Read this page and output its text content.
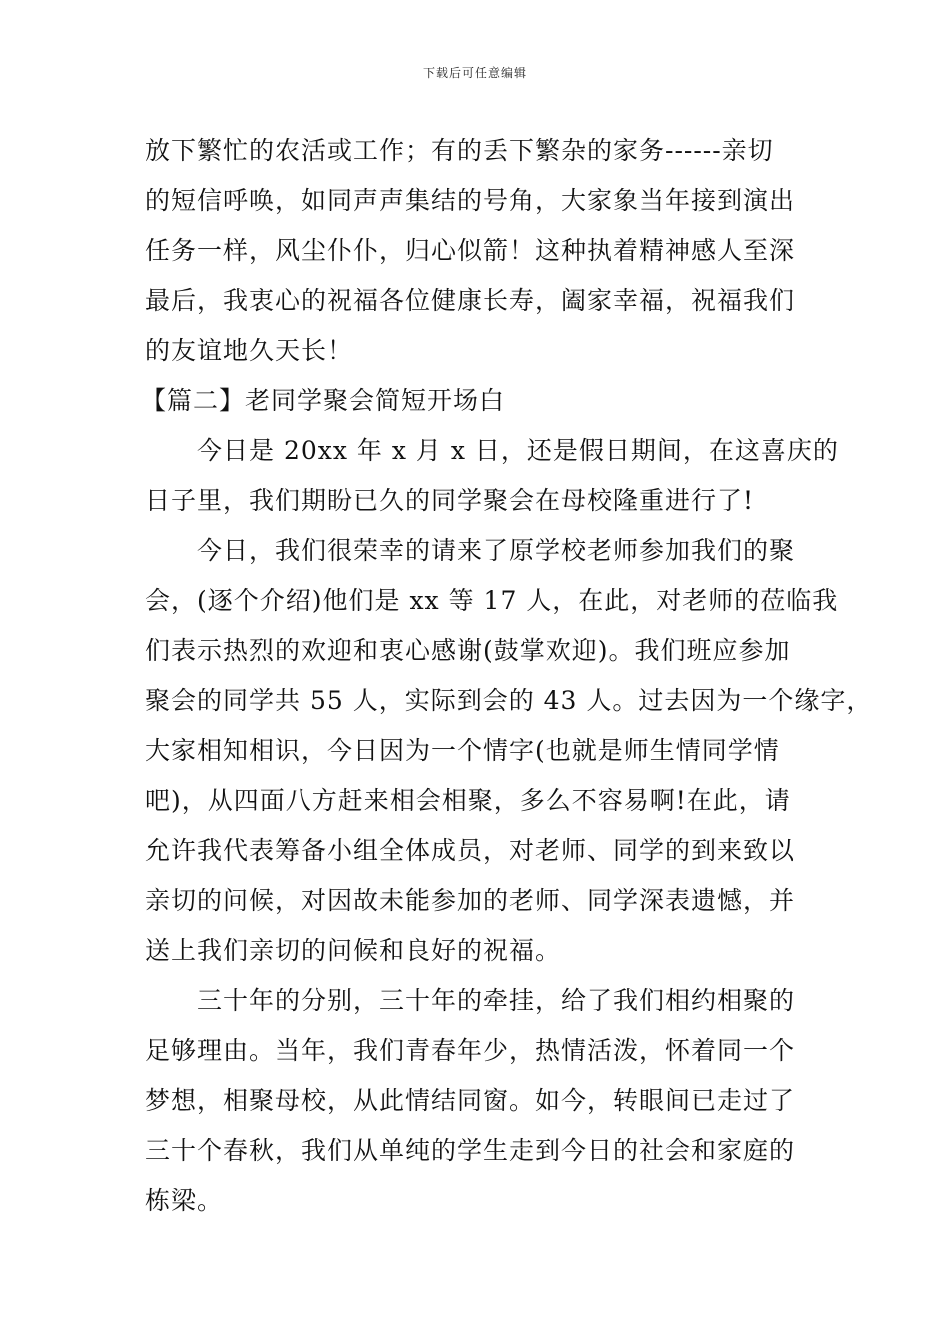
下载后可任意编辑
放下繁忙的农活或工作；有的丢下繁杂的家务------亲切
的短信呼唤，如同声声集结的号角，大家象当年接到演出
任务一样，风尘仆仆，归心似箭！这种执着精神感人至深
最后，我衷心的祝福各位健康长寿，阖家幸福，祝福我们
的友谊地久天长！
【篇二】老同学聚会简短开场白
今日是 20xx 年 x 月 x 日，还是假日期间，在这喜庆的
日子里，我们期盼已久的同学聚会在母校隆重进行了!
今日，我们很荣幸的请来了原学校老师参加我们的聚
会，(逐个介绍)他们是 xx 等 17 人，在此，对老师的莅临我
们表示热烈的欢迎和衷心感谢(鼓掌欢迎)。我们班应参加
聚会的同学共 55 人，实际到会的 43 人。过去因为一个缘字，
大家相知相识，今日因为一个情字(也就是师生情同学情
吧)，从四面八方赶来相会相聚，多么不容易啊!在此，请
允许我代表筹备小组全体成员，对老师、同学的到来致以
亲切的问候，对因故未能参加的老师、同学深表遗憾，并
送上我们亲切的问候和良好的祝福。
三十年的分别，三十年的牵挂，给了我们相约相聚的
足够理由。当年，我们青春年少，热情活泼，怀着同一个
梦想，相聚母校，从此情结同窗。如今，转眼间已走过了
三十个春秋，我们从单纯的学生走到今日的社会和家庭的
栋梁。
